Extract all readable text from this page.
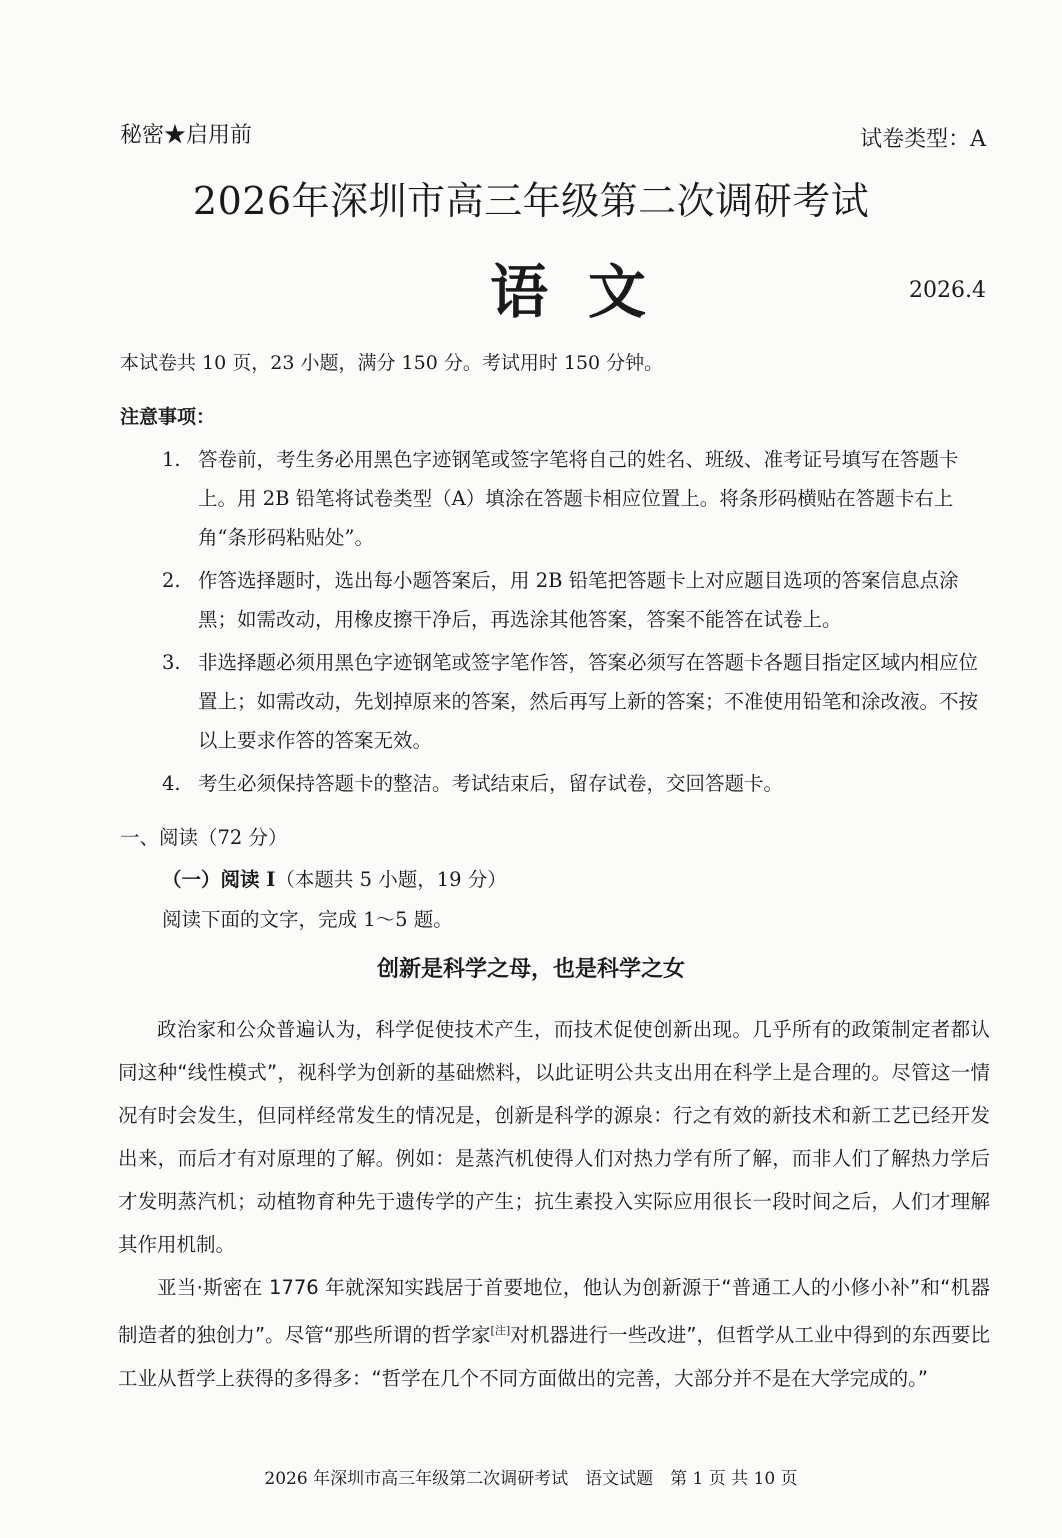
秘密★启用前	试卷类型：A
2026年深圳市高三年级第二次调研考试
语文	2026.4
本试卷共 10 页，23 小题，满分 150 分。考试用时 150 分钟。
注意事项：
1. 答卷前，考生务必用黑色字迹钢笔或签字笔将自己的姓名、班级、准考证号填写在答题卡上。用 2B 铅笔将试卷类型（A）填涂在答题卡相应位置上。将条形码横贴在答题卡右上角“条形码粘贴处”。
2. 作答选择题时，选出每小题答案后，用 2B 铅笔把答题卡上对应题目选项的答案信息点涂黑；如需改动，用橡皮擦干净后，再选涂其他答案，答案不能答在试卷上。
3. 非选择题必须用黑色字迹钢笔或签字笔作答，答案必须写在答题卡各题目指定区域内相应位置上；如需改动，先划掉原来的答案，然后再写上新的答案；不准使用铅笔和涂改液。不按以上要求作答的答案无效。
4. 考生必须保持答题卡的整洁。考试结束后，留存试卷，交回答题卡。
一、阅读（72 分）
（一）阅读 I（本题共 5 小题，19 分）
阅读下面的文字，完成 1～5 题。
创新是科学之母，也是科学之女

政治家和公众普遍认为，科学促使技术产生，而技术促使创新出现。几乎所有的政策制定者都认同这种“线性模式”，视科学为创新的基础燃料，以此证明公共支出用在科学上是合理的。尽管这一情况有时会发生，但同样经常发生的情况是，创新是科学的源泉：行之有效的新技术和新工艺已经开发出来，而后才有对原理的了解。例如：是蒸汽机使得人们对热力学有所了解，而非人们了解热力学后才发明蒸汽机；动植物育种先于遗传学的产生；抗生素投入实际应用很长一段时间之后，人们才理解其作用机制。

亚当·斯密在 1776 年就深知实践居于首要地位，他认为创新源于“普通工人的小修小补”和“机器制造者的独创力”。尽管“那些所谓的哲学家[注]对机器进行一些改进”，但哲学从工业中得到的东西要比工业从哲学上获得的多得多：“哲学在几个不同方面做出的完善，大部分并不是在大学完成的。”

2026 年深圳市高三年级第二次调研考试　语文试题　第 1 页 共 10 页
